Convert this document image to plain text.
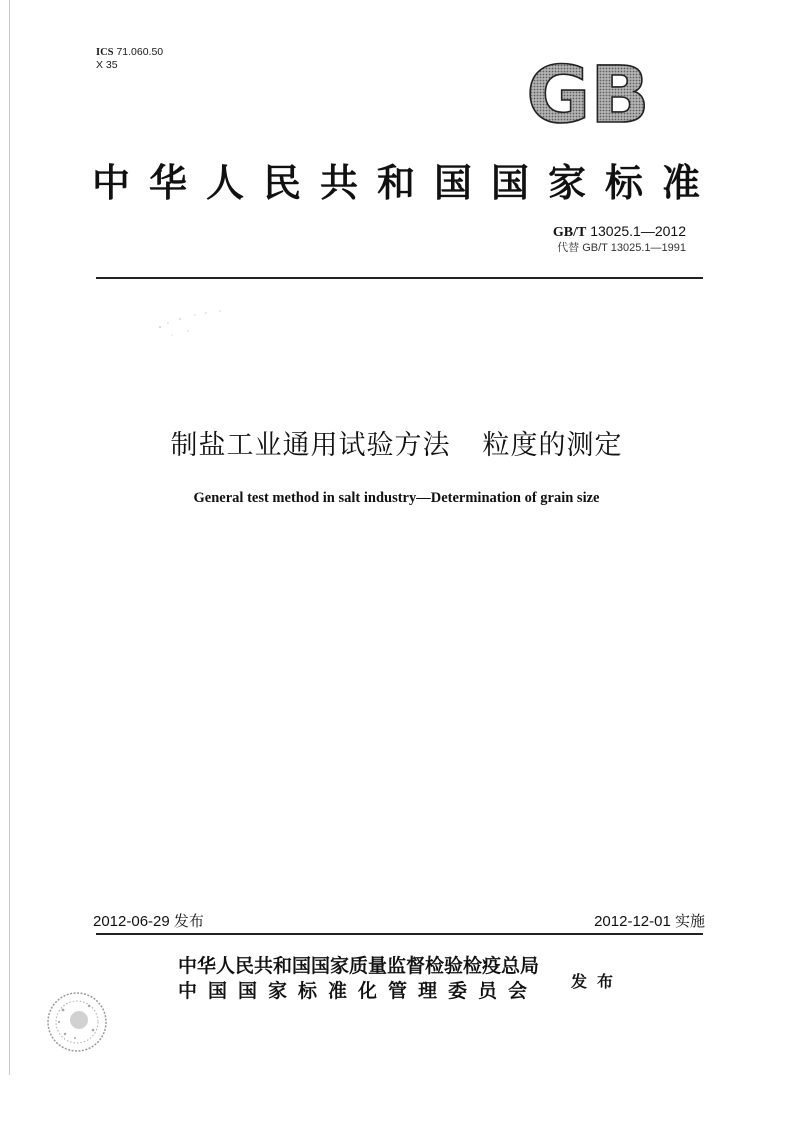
ICS 71.060.50
X 35	GB
中华人民共和国国家标准
GB/T 13025.1—2012
代替 GB/T 13025.1—1991
制盐工业通用试验方法 粒度的测定
General test method in salt industry—Determination of grain size
2012-06-29 发布	2012-12-01 实施
中华人民共和国国家质量监督检验检疫总局
中国国家标准化管理委员会 发布
